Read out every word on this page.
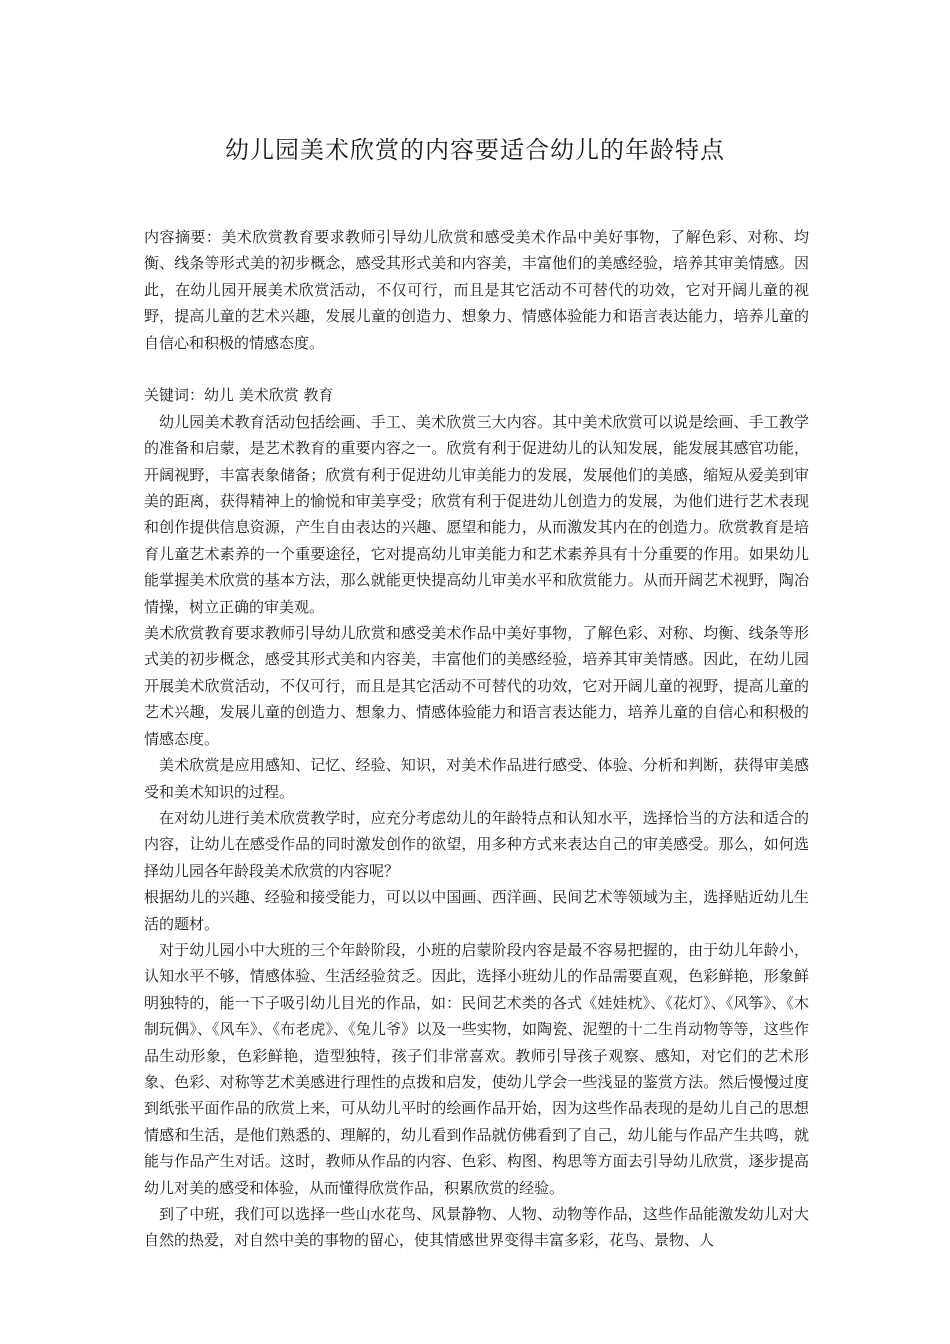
幼儿园美术欣赏的内容要适合幼儿的年龄特点

内容摘要：美术欣赏教育要求教师引导幼儿欣赏和感受美术作品中美好事物，了解色彩、对称、均衡、线条等形式美的初步概念，感受其形式美和内容美，丰富他们的美感经验，培养其审美情感。因此，在幼儿园开展美术欣赏活动，不仅可行，而且是其它活动不可替代的功效，它对开阔儿童的视野，提高儿童的艺术兴趣，发展儿童的创造力、想象力、情感体验能力和语言表达能力，培养儿童的自信心和积极的情感态度。

关键词：幼儿 美术欣赏 教育

幼儿园美术教育活动包括绘画、手工、美术欣赏三大内容。其中美术欣赏可以说是绘画、手工教学的准备和启蒙，是艺术教育的重要内容之一。欣赏有利于促进幼儿的认知发展，能发展其感官功能，开阔视野，丰富表象储备；欣赏有利于促进幼儿审美能力的发展，发展他们的美感，缩短从爱美到审美的距离，获得精神上的愉悦和审美享受；欣赏有利于促进幼儿创造力的发展，为他们进行艺术表现和创作提供信息资源，产生自由表达的兴趣、愿望和能力，从而激发其内在的创造力。欣赏教育是培育儿童艺术素养的一个重要途径，它对提高幼儿审美能力和艺术素养具有十分重要的作用。如果幼儿能掌握美术欣赏的基本方法，那么就能更快提高幼儿审美水平和欣赏能力。从而开阔艺术视野，陶冶情操，树立正确的审美观。

美术欣赏教育要求教师引导幼儿欣赏和感受美术作品中美好事物，了解色彩、对称、均衡、线条等形式美的初步概念，感受其形式美和内容美，丰富他们的美感经验，培养其审美情感。因此，在幼儿园开展美术欣赏活动，不仅可行，而且是其它活动不可替代的功效，它对开阔儿童的视野，提高儿童的艺术兴趣，发展儿童的创造力、想象力、情感体验能力和语言表达能力，培养儿童的自信心和积极的情感态度。

美术欣赏是应用感知、记忆、经验、知识，对美术作品进行感受、体验、分析和判断，获得审美感受和美术知识的过程。

在对幼儿进行美术欣赏教学时，应充分考虑幼儿的年龄特点和认知水平，选择恰当的方法和适合的内容，让幼儿在感受作品的同时激发创作的欲望，用多种方式来表达自己的审美感受。那么，如何选择幼儿园各年龄段美术欣赏的内容呢？

根据幼儿的兴趣、经验和接受能力，可以以中国画、西洋画、民间艺术等领域为主，选择贴近幼儿生活的题材。

对于幼儿园小中大班的三个年龄阶段，小班的启蒙阶段内容是最不容易把握的，由于幼儿年龄小，认知水平不够，情感体验、生活经验贫乏。因此，选择小班幼儿的作品需要直观，色彩鲜艳，形象鲜明独特的，能一下子吸引幼儿目光的作品，如：民间艺术类的各式《娃娃枕》、《花灯》、《风筝》、《木制玩偶》、《风车》、《布老虎》、《兔儿爷》以及一些实物，如陶瓷、泥塑的十二生肖动物等等，这些作品生动形象，色彩鲜艳，造型独特，孩子们非常喜欢。教师引导孩子观察、感知，对它们的艺术形象、色彩、对称等艺术美感进行理性的点拨和启发，使幼儿学会一些浅显的鉴赏方法。然后慢慢过度到纸张平面作品的欣赏上来，可从幼儿平时的绘画作品开始，因为这些作品表现的是幼儿自己的思想情感和生活，是他们熟悉的、理解的，幼儿看到作品就仿佛看到了自己，幼儿能与作品产生共鸣，就能与作品产生对话。这时，教师从作品的内容、色彩、构图、构思等方面去引导幼儿欣赏，逐步提高幼儿对美的感受和体验，从而懂得欣赏作品，积累欣赏的经验。

到了中班，我们可以选择一些山水花鸟、风景静物、人物、动物等作品，这些作品能激发幼儿对大自然的热爱，对自然中美的事物的留心，使其情感世界变得丰富多彩，花鸟、景物、人
